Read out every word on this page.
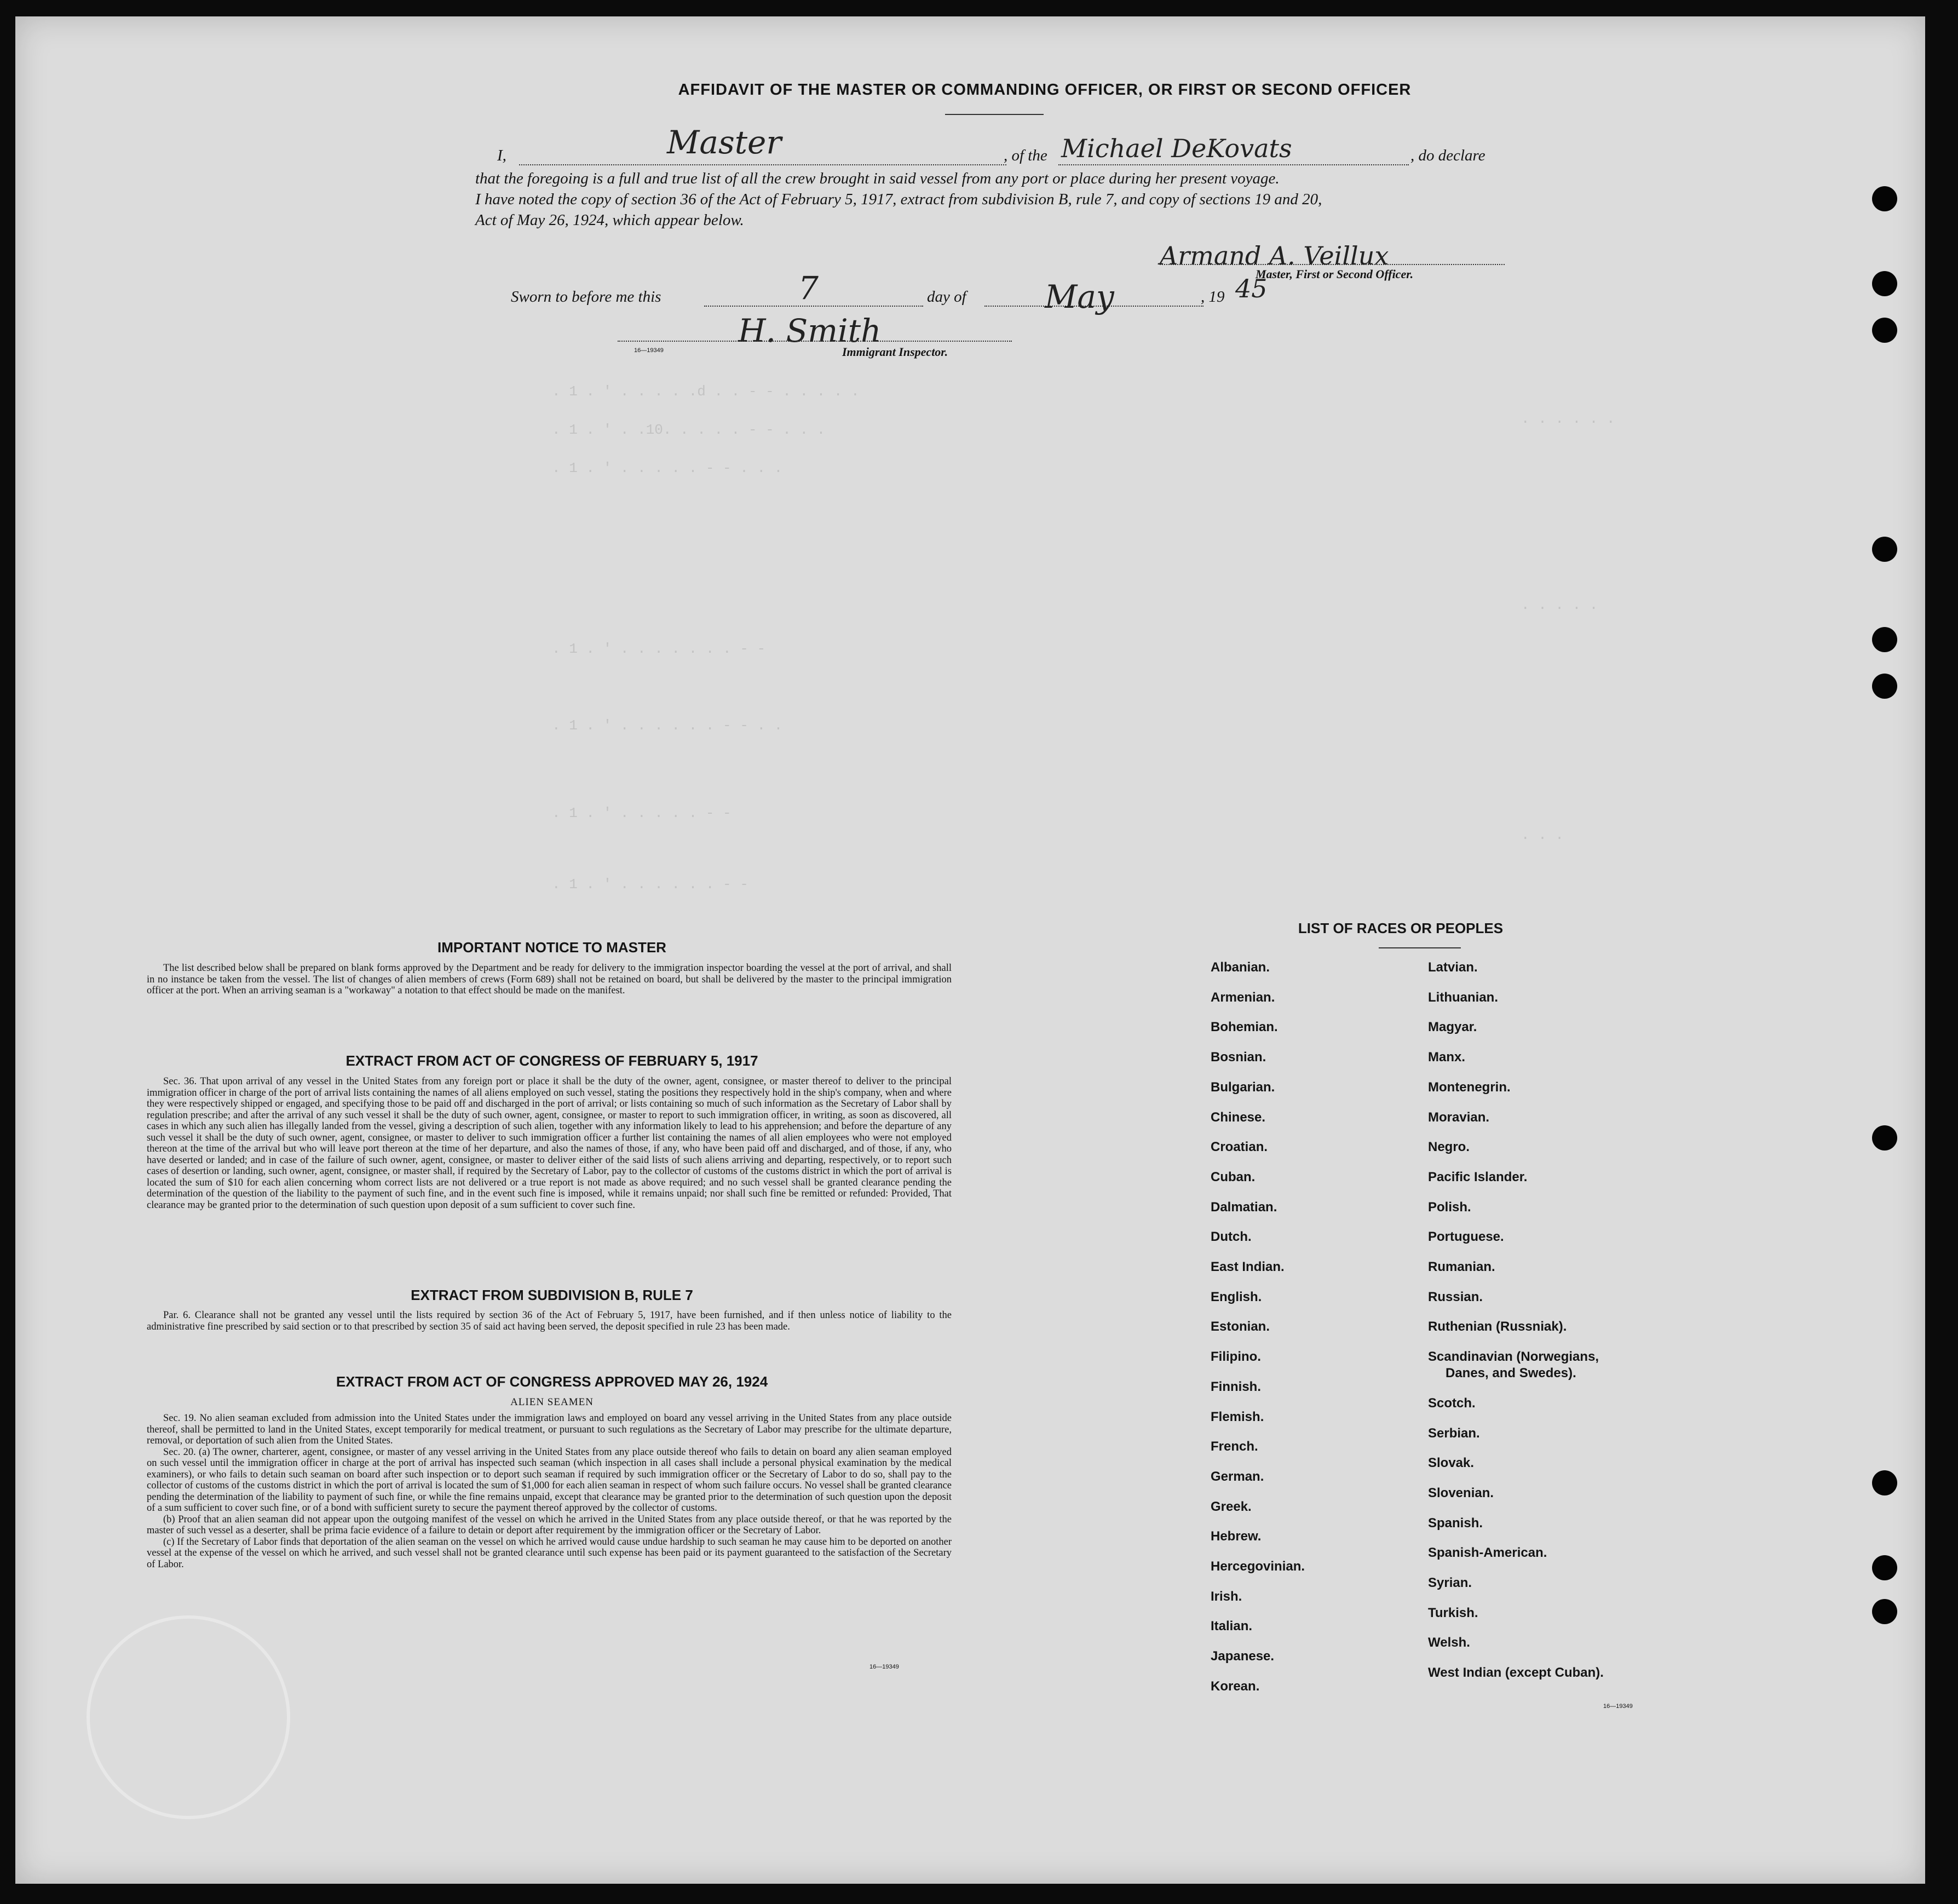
. 1 . ' . . . . .d . . - - . . . . .
. 1 . ' . .10. . . . . - - . . .
. 1 . ' . . . . . - - . . .
. 1 . ' . . . . . . . - -
. 1 . ' . . . . . . - - . .
. 1 . ' . . . . . - -
. 1 . ' . . . . . . - -
. . . . . .
. . . . .
. . .
AFFIDAVIT OF THE MASTER OR COMMANDING OFFICER, OR FIRST OR SECOND OFFICER
I,	Master	, of the Michael DeKovats	, do declare
that the foregoing is a full and true list of all the crew brought in said vessel from any port or place during her present voyage.
I have noted the copy of section 36 of the Act of February 5, 1917, extract from subdivision B, rule 7, and copy of sections 19 and 20,
Act of May 26, 1924, which appear below.
Armand A. Veillux
Master, First or Second Officer.
Sworn to before me this	7	day of May	, 19 45
H. Smith
16—19349	Immigrant Inspector.
IMPORTANT NOTICE TO MASTER

The list described below shall be prepared on blank forms approved by the Department and be ready for delivery to the immigration inspector boarding the vessel at the port of arrival, and shall in no instance be taken from the vessel. The list of changes of alien members of crews (Form 689) shall not be retained on board, but shall be delivered by the master to the principal immigration officer at the port. When an arriving seaman is a "workaway" a notation to that effect should be made on the manifest.

EXTRACT FROM ACT OF CONGRESS OF FEBRUARY 5, 1917

Sec. 36. That upon arrival of any vessel in the United States from any foreign port or place it shall be the duty of the owner, agent, consignee, or master thereof to deliver to the principal immigration officer in charge of the port of arrival lists containing the names of all aliens employed on such vessel, stating the positions they respectively hold in the ship's company, when and where they were respectively shipped or engaged, and specifying those to be paid off and discharged in the port of arrival; or lists containing so much of such information as the Secretary of Labor shall by regulation prescribe; and after the arrival of any such vessel it shall be the duty of such owner, agent, consignee, or master to report to such immigration officer, in writing, as soon as discovered, all cases in which any such alien has illegally landed from the vessel, giving a description of such alien, together with any information likely to lead to his apprehension; and before the departure of any such vessel it shall be the duty of such owner, agent, consignee, or master to deliver to such immigration officer a further list containing the names of all alien employees who were not employed thereon at the time of the arrival but who will leave port thereon at the time of her departure, and also the names of those, if any, who have been paid off and discharged, and of those, if any, who have deserted or landed; and in case of the failure of such owner, agent, consignee, or master to deliver either of the said lists of such aliens arriving and departing, respectively, or to report such cases of desertion or landing, such owner, agent, consignee, or master shall, if required by the Secretary of Labor, pay to the collector of customs of the customs district in which the port of arrival is located the sum of $10 for each alien concerning whom correct lists are not delivered or a true report is not made as above required; and no such vessel shall be granted clearance pending the determination of the question of the liability to the payment of such fine, and in the event such fine is imposed, while it remains unpaid; nor shall such fine be remitted or refunded: Provided, That clearance may be granted prior to the determination of such question upon deposit of a sum sufficient to cover such fine.

EXTRACT FROM SUBDIVISION B, RULE 7

Par. 6. Clearance shall not be granted any vessel until the lists required by section 36 of the Act of February 5, 1917, have been furnished, and if then unless notice of liability to the administrative fine prescribed by said section or to that prescribed by section 35 of said act having been served, the deposit specified in rule 23 has been made.

EXTRACT FROM ACT OF CONGRESS APPROVED MAY 26, 1924
ALIEN SEAMEN

Sec. 19. No alien seaman excluded from admission into the United States under the immigration laws and employed on board any vessel arriving in the United States from any place outside thereof, shall be permitted to land in the United States, except temporarily for medical treatment, or pursuant to such regulations as the Secretary of Labor may prescribe for the ultimate departure, removal, or deportation of such alien from the United States.

Sec. 20. (a) The owner, charterer, agent, consignee, or master of any vessel arriving in the United States from any place outside thereof who fails to detain on board any alien seaman employed on such vessel until the immigration officer in charge at the port of arrival has inspected such seaman (which inspection in all cases shall include a personal physical examination by the medical examiners), or who fails to detain such seaman on board after such inspection or to deport such seaman if required by such immigration officer or the Secretary of Labor to do so, shall pay to the collector of customs of the customs district in which the port of arrival is located the sum of $1,000 for each alien seaman in respect of whom such failure occurs. No vessel shall be granted clearance pending the determination of the liability to payment of such fine, or while the fine remains unpaid, except that clearance may be granted prior to the determination of such question upon the deposit of a sum sufficient to cover such fine, or of a bond with sufficient surety to secure the payment thereof approved by the collector of customs.

(b) Proof that an alien seaman did not appear upon the outgoing manifest of the vessel on which he arrived in the United States from any place outside thereof, or that he was reported by the master of such vessel as a deserter, shall be prima facie evidence of a failure to detain or deport after requirement by the immigration officer or the Secretary of Labor.

(c) If the Secretary of Labor finds that deportation of the alien seaman on the vessel on which he arrived would cause undue hardship to such seaman he may cause him to be deported on another vessel at the expense of the vessel on which he arrived, and such vessel shall not be granted clearance until such expense has been paid or its payment guaranteed to the satisfaction of the Secretary of Labor.

16—19349
LIST OF RACES OR PEOPLES
16—19349
Albanian.
Armenian.
Bohemian.
Bosnian.
Bulgarian.
Chinese.
Croatian.
Cuban.
Dalmatian.
Dutch.
East Indian.
English.
Estonian.
Filipino.
Finnish.
Flemish.
French.
German.
Greek.
Hebrew.
Hercegovinian.
Irish.
Italian.
Japanese.
Korean.
Latvian.
Lithuanian.
Magyar.
Manx.
Montenegrin.
Moravian.
Negro.
Pacific Islander.
Polish.
Portuguese.
Rumanian.
Russian.
Ruthenian (Russniak).
Scandinavian (Norwegians,
Danes, and Swedes).
Scotch.
Serbian.
Slovak.
Slovenian.
Spanish.
Spanish-American.
Syrian.
Turkish.
Welsh.
West Indian (except Cuban).
